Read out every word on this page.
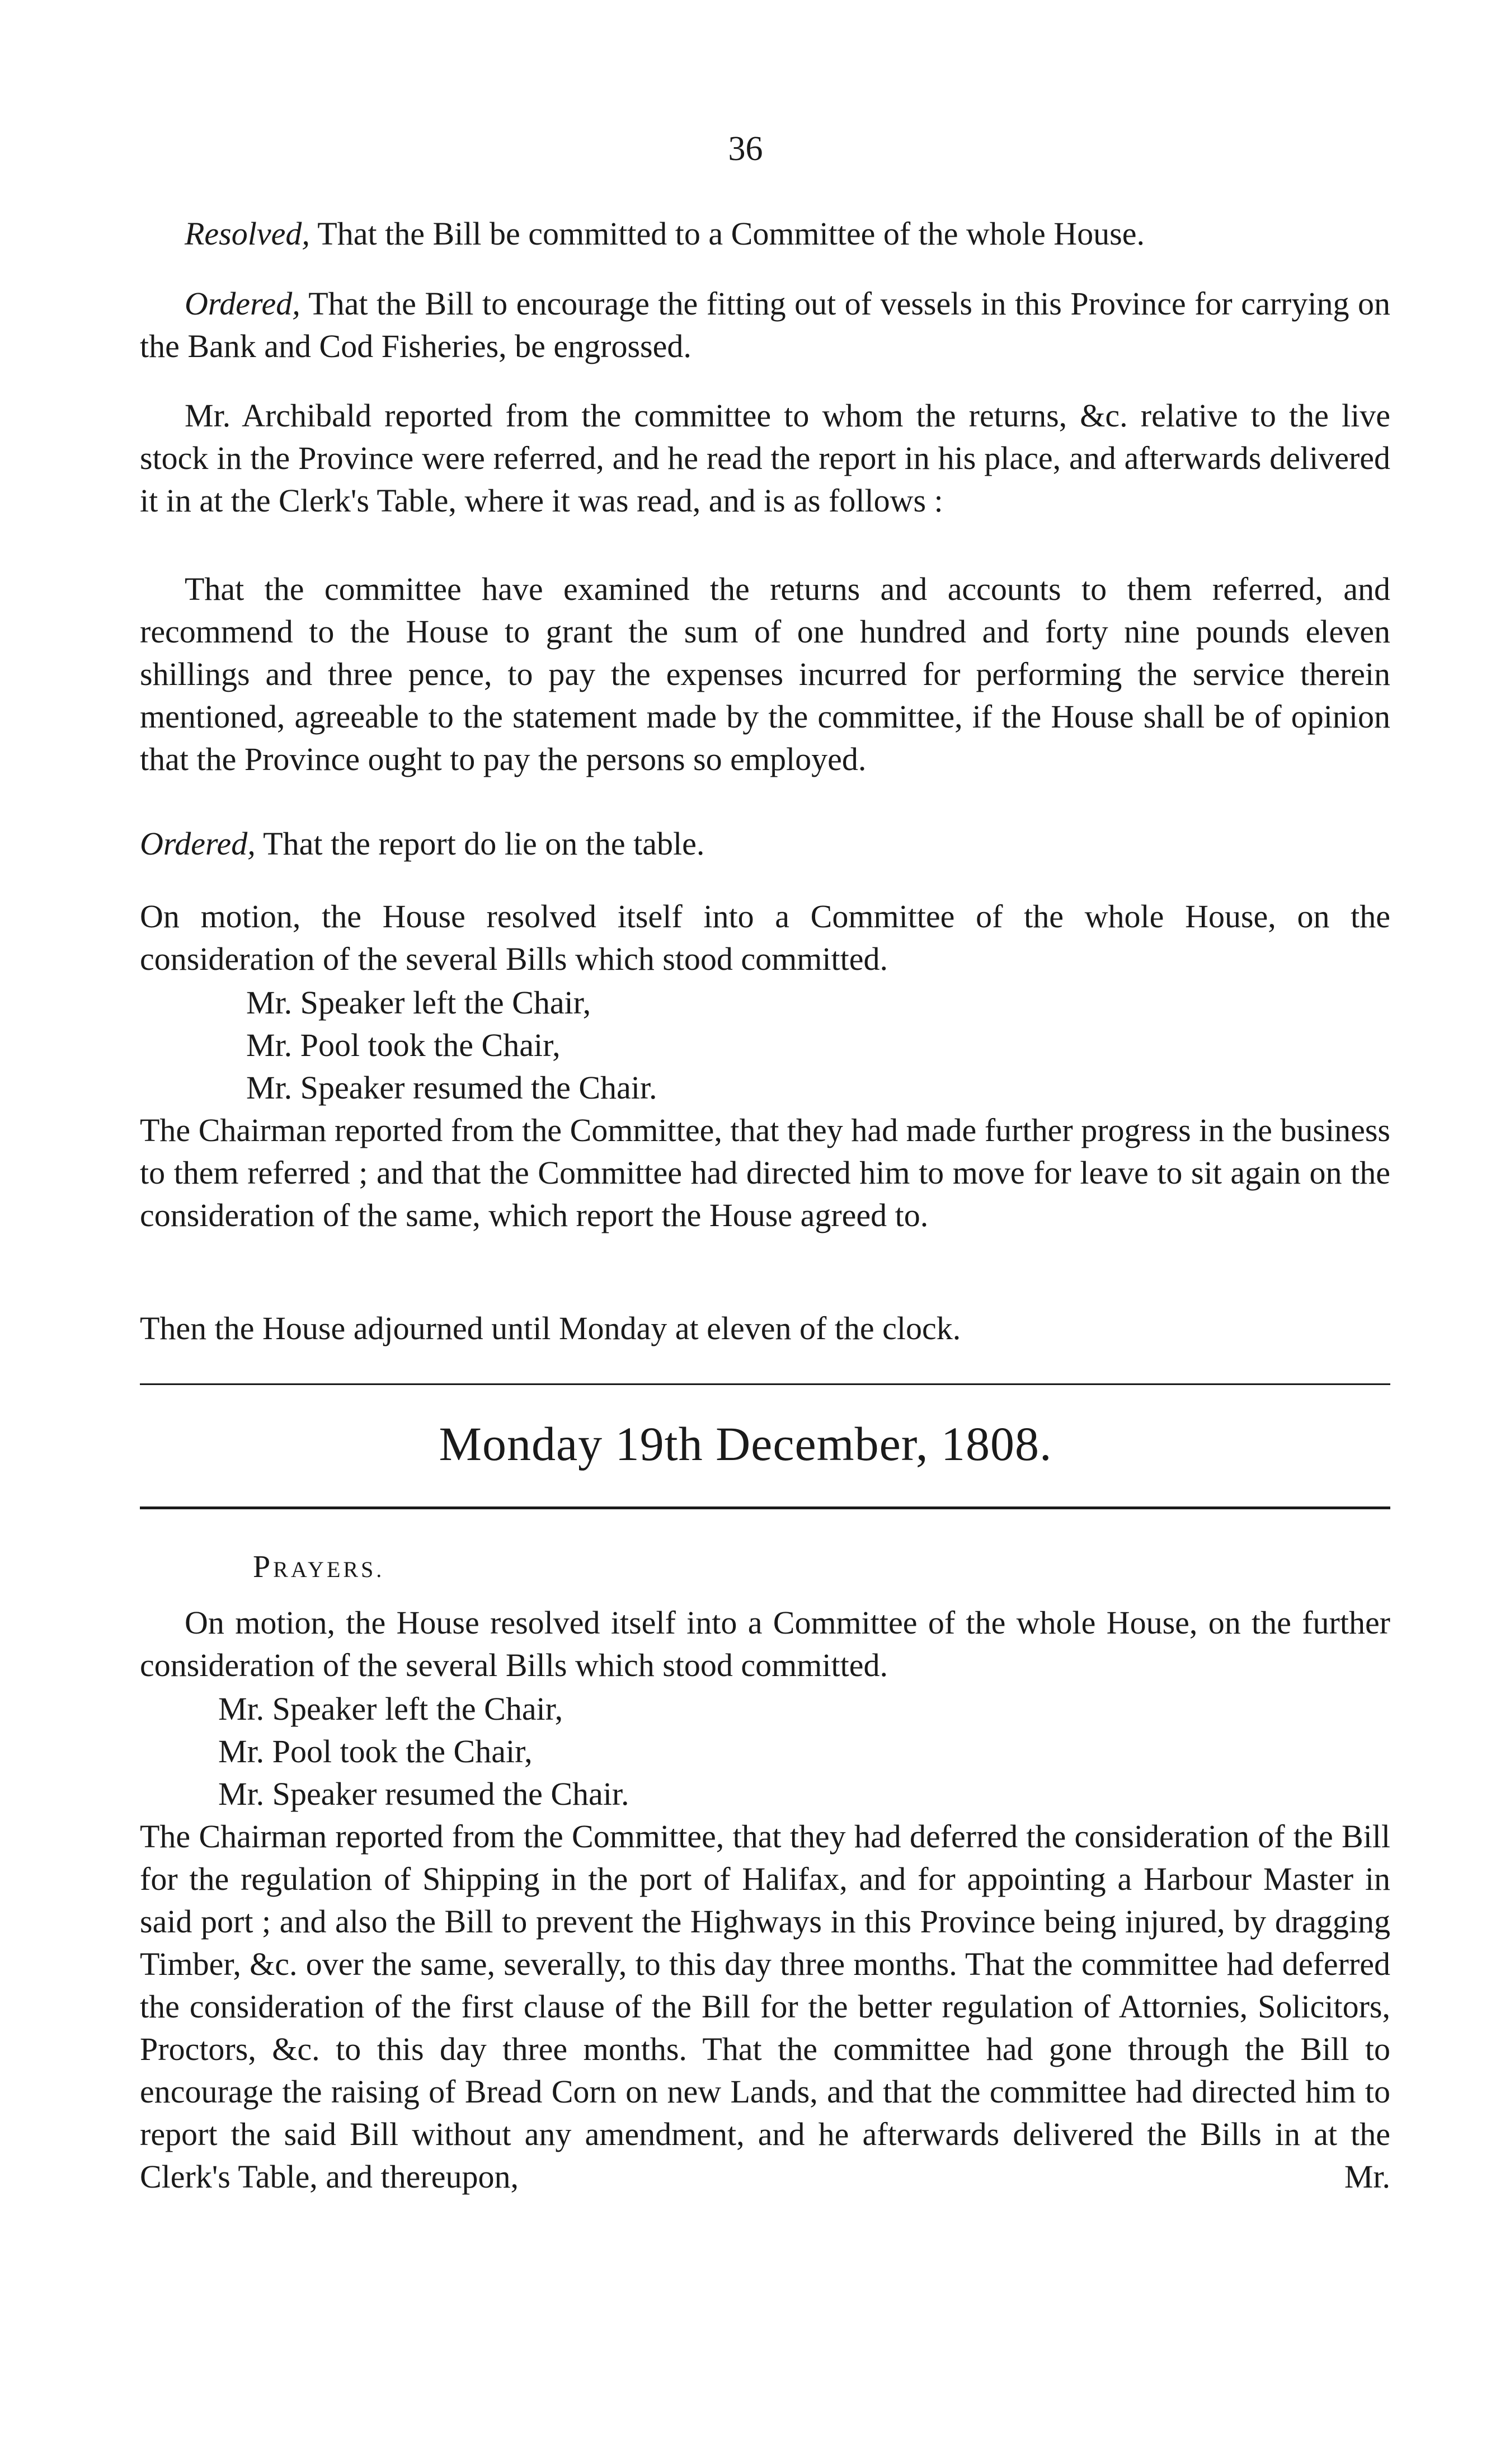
36

Resolved, That the Bill be committed to a Committee of the whole House.

Ordered, That the Bill to encourage the fitting out of vessels in this Province for carrying on the Bank and Cod Fisheries, be engrossed.

Mr. Archibald reported from the committee to whom the returns, &c. relative to the live stock in the Province were referred, and he read the report in his place, and afterwards delivered it in at the Clerk's Table, where it was read, and is as follows :

That the committee have examined the returns and accounts to them referred, and recommend to the House to grant the sum of one hundred and forty nine pounds eleven shillings and three pence, to pay the expenses incurred for performing the service therein mentioned, agreeable to the statement made by the committee, if the House shall be of opinion that the Province ought to pay the persons so employed.

Ordered, That the report do lie on the table.

On motion, the House resolved itself into a Committee of the whole House, on the consideration of the several Bills which stood committed.

Mr. Speaker left the Chair,

Mr. Pool took the Chair,

Mr. Speaker resumed the Chair.

The Chairman reported from the Committee, that they had made further progress in the business to them referred ; and that the Committee had directed him to move for leave to sit again on the consideration of the same, which report the House agreed to.

Then the House adjourned until Monday at eleven of the clock.

Monday 19th December, 1808.
PRAYERS.

On motion, the House resolved itself into a Committee of the whole House, on the further consideration of the several Bills which stood committed.

Mr. Speaker left the Chair,

Mr. Pool took the Chair,

Mr. Speaker resumed the Chair.

The Chairman reported from the Committee, that they had deferred the consideration of the Bill for the regulation of Shipping in the port of Halifax, and for appointing a Harbour Master in said port ; and also the Bill to prevent the Highways in this Province being injured, by dragging Timber, &c. over the same, severally, to this day three months. That the committee had deferred the consideration of the first clause of the Bill for the better regulation of Attornies, Solicitors, Proctors, &c. to this day three months. That the committee had gone through the Bill to encourage the raising of Bread Corn on new Lands, and that the committee had directed him to report the said Bill without any amendment, and he afterwards delivered the Bills in at the Clerk's Table, and thereupon,	Mr.
